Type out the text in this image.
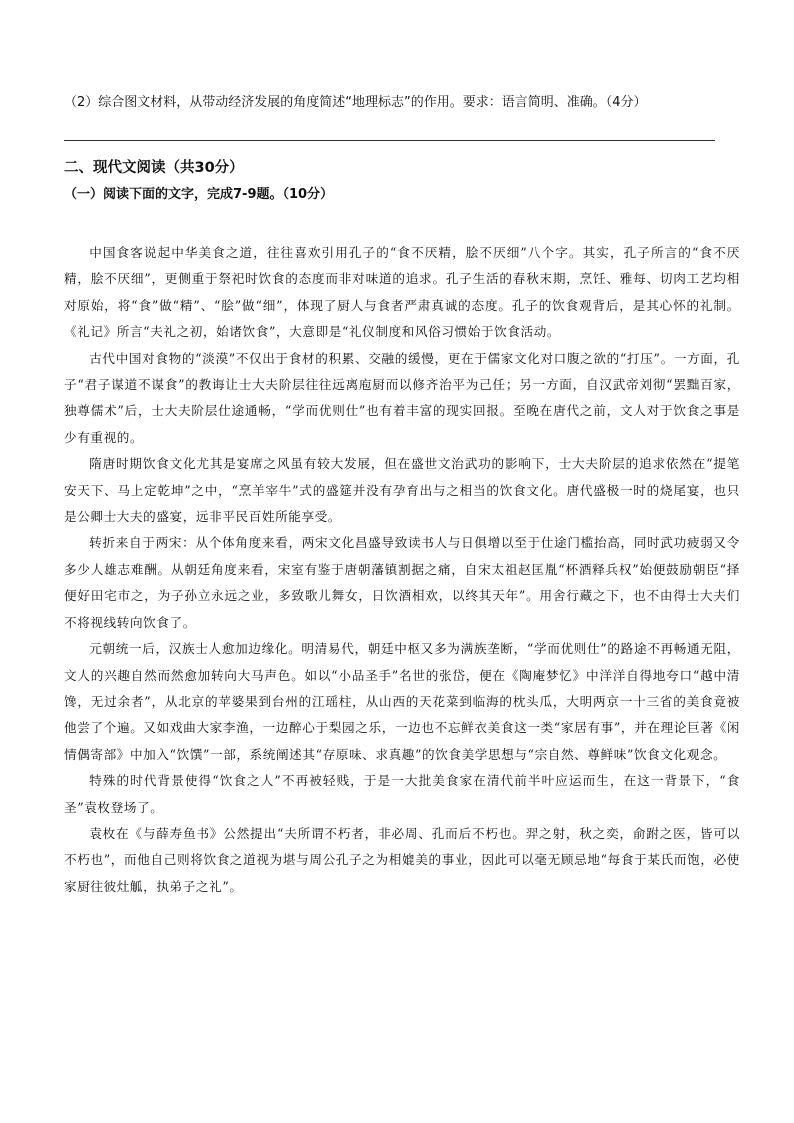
（2）综合图文材料，从带动经济发展的角度简述“地理标志”的作用。要求：语言简明、准确。（4分）
二、现代文阅读（共30分）
（一）阅读下面的文字，完成7-9题。（10分）

中国食客说起中华美食之道，往往喜欢引用孔子的“食不厌精，脍不厌细”八个字。其实，孔子所言的“食不厌精，脍不厌细”，更侧重于祭祀时饮食的态度而非对味道的追求。孔子生活的春秋末期，烹饪、雅每、切肉工艺均相对原始，将“食”做“精”、“脍”做“细”，体现了厨人与食者严肃真诚的态度。孔子的饮食观背后，是其心怀的礼制。《礼记》所言“夫礼之初，始诸饮食”，大意即是“礼仪制度和风俗习惯始于饮食活动。

古代中国对食物的“淡漠”不仅出于食材的积累、交融的缓慢，更在于儒家文化对口腹之欲的“打压”。一方面，孔子“君子谋道不谋食”的教诲让士大夫阶层往往远离庖厨而以修齐治平为己任；另一方面，自汉武帝刘彻“罢黜百家，独尊儒术”后，士大夫阶层仕途通畅，“学而优则仕”也有着丰富的现实回报。至晚在唐代之前，文人对于饮食之事是少有重视的。

隋唐时期饮食文化尤其是宴席之风虽有较大发展，但在盛世文治武功的影响下，士大夫阶层的追求依然在“提笔安天下、马上定乾坤”之中，“烹羊宰牛”式的盛筵并没有孕育出与之相当的饮食文化。唐代盛极一时的烧尾宴，也只是公卿士大夫的盛宴，远非平民百姓所能享受。

转折来自于两宋：从个体角度来看，两宋文化昌盛导致读书人与日俱增以至于仕途门槛抬高，同时武功疲弱又令多少人雄志难酬。从朝廷角度来看，宋室有鉴于唐朝藩镇割据之痛，自宋太祖赵匡胤“杯酒释兵权”始便鼓励朝臣“择便好田宅市之，为子孙立永远之业，多致歌儿舞女，日饮酒相欢，以终其天年”。用舍行藏之下，也不由得士大夫们不将视线转向饮食了。

元朝统一后，汉族士人愈加边缘化。明清易代，朝廷中枢又多为满族垄断，“学而优则仕”的路途不再畅通无阻，文人的兴趣自然而然愈加转向大马声色。如以“小品圣手”名世的张岱，便在《陶庵梦忆》中洋洋自得地夸口“越中清馋，无过余者”，从北京的苹婆果到台州的江瑶柱，从山西的天花菜到临海的枕头瓜，大明两京一十三省的美食竟被他尝了个遍。又如戏曲大家李渔，一边醉心于梨园之乐，一边也不忘鲜衣美食这一类“家居有事”，并在理论巨著《闲情偶寄部》中加入“饮馔”一部，系统阐述其“存原味、求真趣”的饮食美学思想与“宗自然、尊鲜味”饮食文化观念。

特殊的时代背景使得“饮食之人”不再被轻贱，于是一大批美食家在清代前半叶应运而生，在这一背景下，“食圣”袁枚登场了。

袁枚在《与薛寿鱼书》公然提出“夫所谓不朽者，非必周、孔而后不朽也。羿之射，秋之奕，俞跗之医，皆可以不朽也”，而他自己则将饮食之道视为堪与周公孔子之为相媲美的事业，因此可以毫无顾忌地“每食于某氏而饱，必使家厨往彼灶觚，执弟子之礼”。
